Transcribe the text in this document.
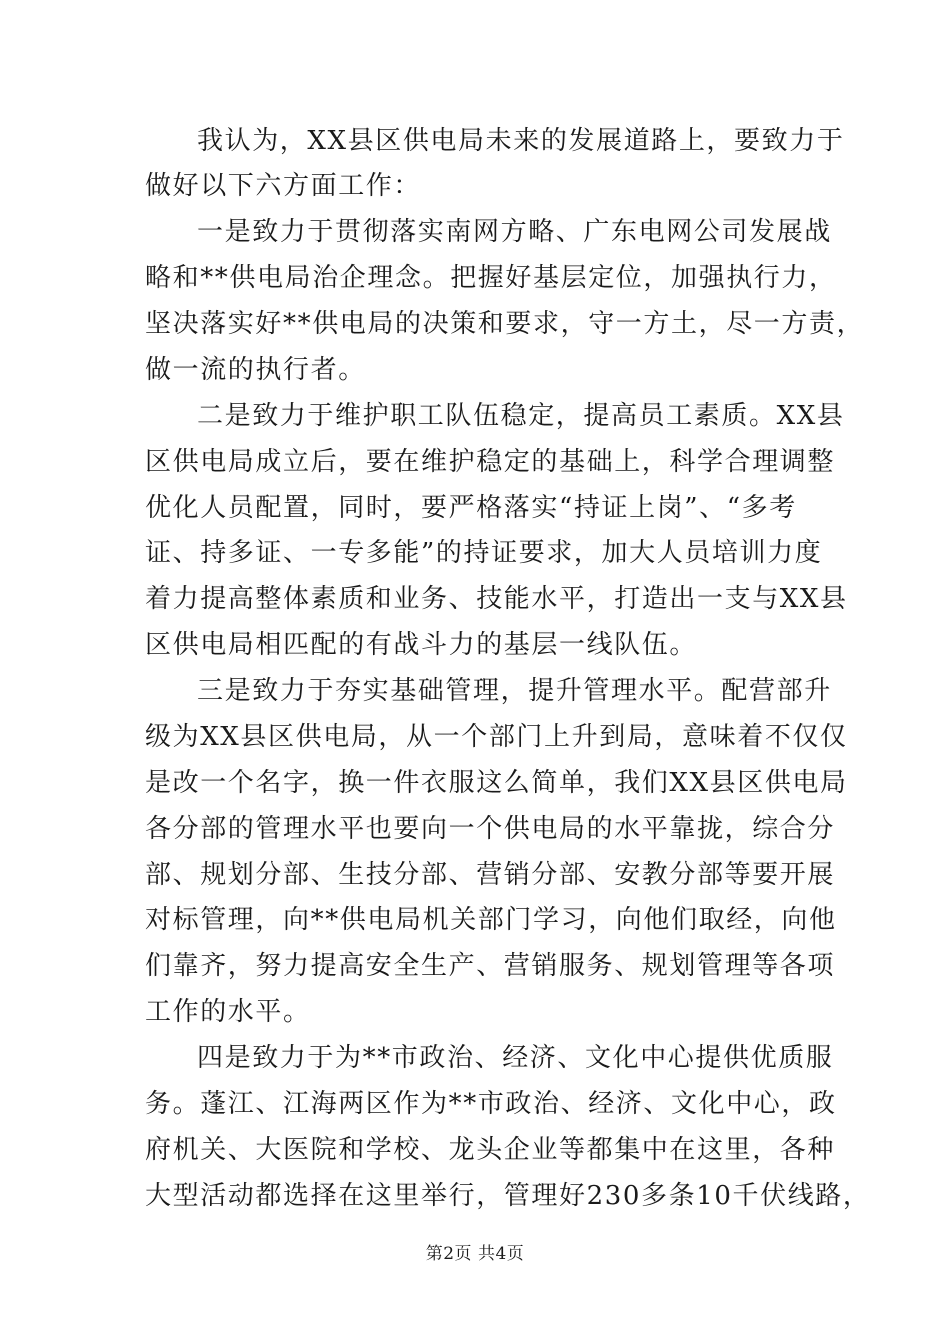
我认为，XX县区供电局未来的发展道路上，要致力于

做好以下六方面工作：

一是致力于贯彻落实南网方略、广东电网公司发展战

略和**供电局治企理念。把握好基层定位，加强执行力，

坚决落实好**供电局的决策和要求，守一方土，尽一方责，

做一流的执行者。

二是致力于维护职工队伍稳定，提高员工素质。XX县

区供电局成立后，要在维护稳定的基础上，科学合理调整

优化人员配置，同时，要严格落实“持证上岗”、“多考

证、持多证、一专多能”的持证要求，加大人员培训力度

着力提高整体素质和业务、技能水平，打造出一支与XX县

区供电局相匹配的有战斗力的基层一线队伍。

三是致力于夯实基础管理，提升管理水平。配营部升

级为XX县区供电局，从一个部门上升到局，意味着不仅仅

是改一个名字，换一件衣服这么简单，我们XX县区供电局

各分部的管理水平也要向一个供电局的水平靠拢，综合分

部、规划分部、生技分部、营销分部、安教分部等要开展

对标管理，向**供电局机关部门学习，向他们取经，向他

们靠齐，努力提高安全生产、营销服务、规划管理等各项

工作的水平。

四是致力于为**市政治、经济、文化中心提供优质服

务。蓬江、江海两区作为**市政治、经济、文化中心，政

府机关、大医院和学校、龙头企业等都集中在这里，各种

大型活动都选择在这里举行，管理好230多条10千伏线路，

第2页 共4页
